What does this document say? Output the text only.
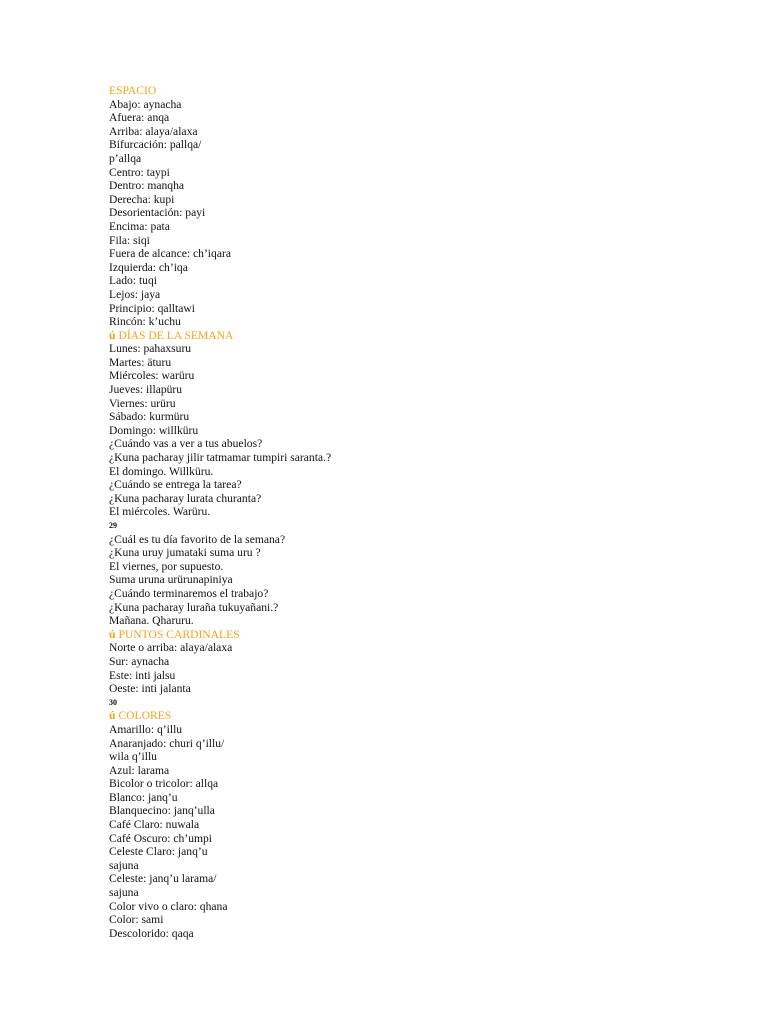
ESPACIO
Abajo: aynacha
Afuera: anqa
Arriba: alaya/alaxa
Bifurcación: pallqa/
p’allqa
Centro: taypi
Dentro: manqha
Derecha: kupi
Desorientación: payi
Encima: pata
Fila: siqi
Fuera de alcance: ch’iqara
Izquierda: ch’iqa
Lado: tuqi
Lejos: jaya
Principio: qalltawi
Rincón: k’uchu
ú DÍAS DE LA SEMANA
Lunes: pahaxsuru
Martes: äturu
Miércoles: warüru
Jueves: illapüru
Viernes: urüru
Sábado: kurmüru
Domingo: willküru
¿Cuándo vas a ver a tus abuelos?
¿Kuna pacharay jilir tatmamar tumpiri saranta.?
El domingo. Willküru.
¿Cuándo se entrega la tarea?
¿Kuna pacharay lurata churanta?
El miércoles. Warüru.
29
¿Cuál es tu día favorito de la semana?
¿Kuna uruy jumataki suma uru ?
El viernes, por supuesto.
Suma uruna urürunapiniya
¿Cuándo terminaremos el trabajo?
¿Kuna pacharay luraña tukuyañani.?
Mañana. Qharuru.
ú PUNTOS CARDINALES
Norte o arriba: alaya/alaxa
Sur: aynacha
Este: inti jalsu
Oeste: inti jalanta
30
ú COLORES
Amarillo: q’illu
Anaranjado: churi q’illu/
wila q’illu
Azul: larama
Bicolor o tricolor: allqa
Blanco: janq’u
Blanquecino: janq’ulla
Café Claro: nuwala
Café Oscuro: ch’umpi
Celeste Claro: janq’u
sajuna
Celeste: janq’u larama/
sajuna
Color vivo o claro: qhana
Color: sami
Descolorido: qaqa
